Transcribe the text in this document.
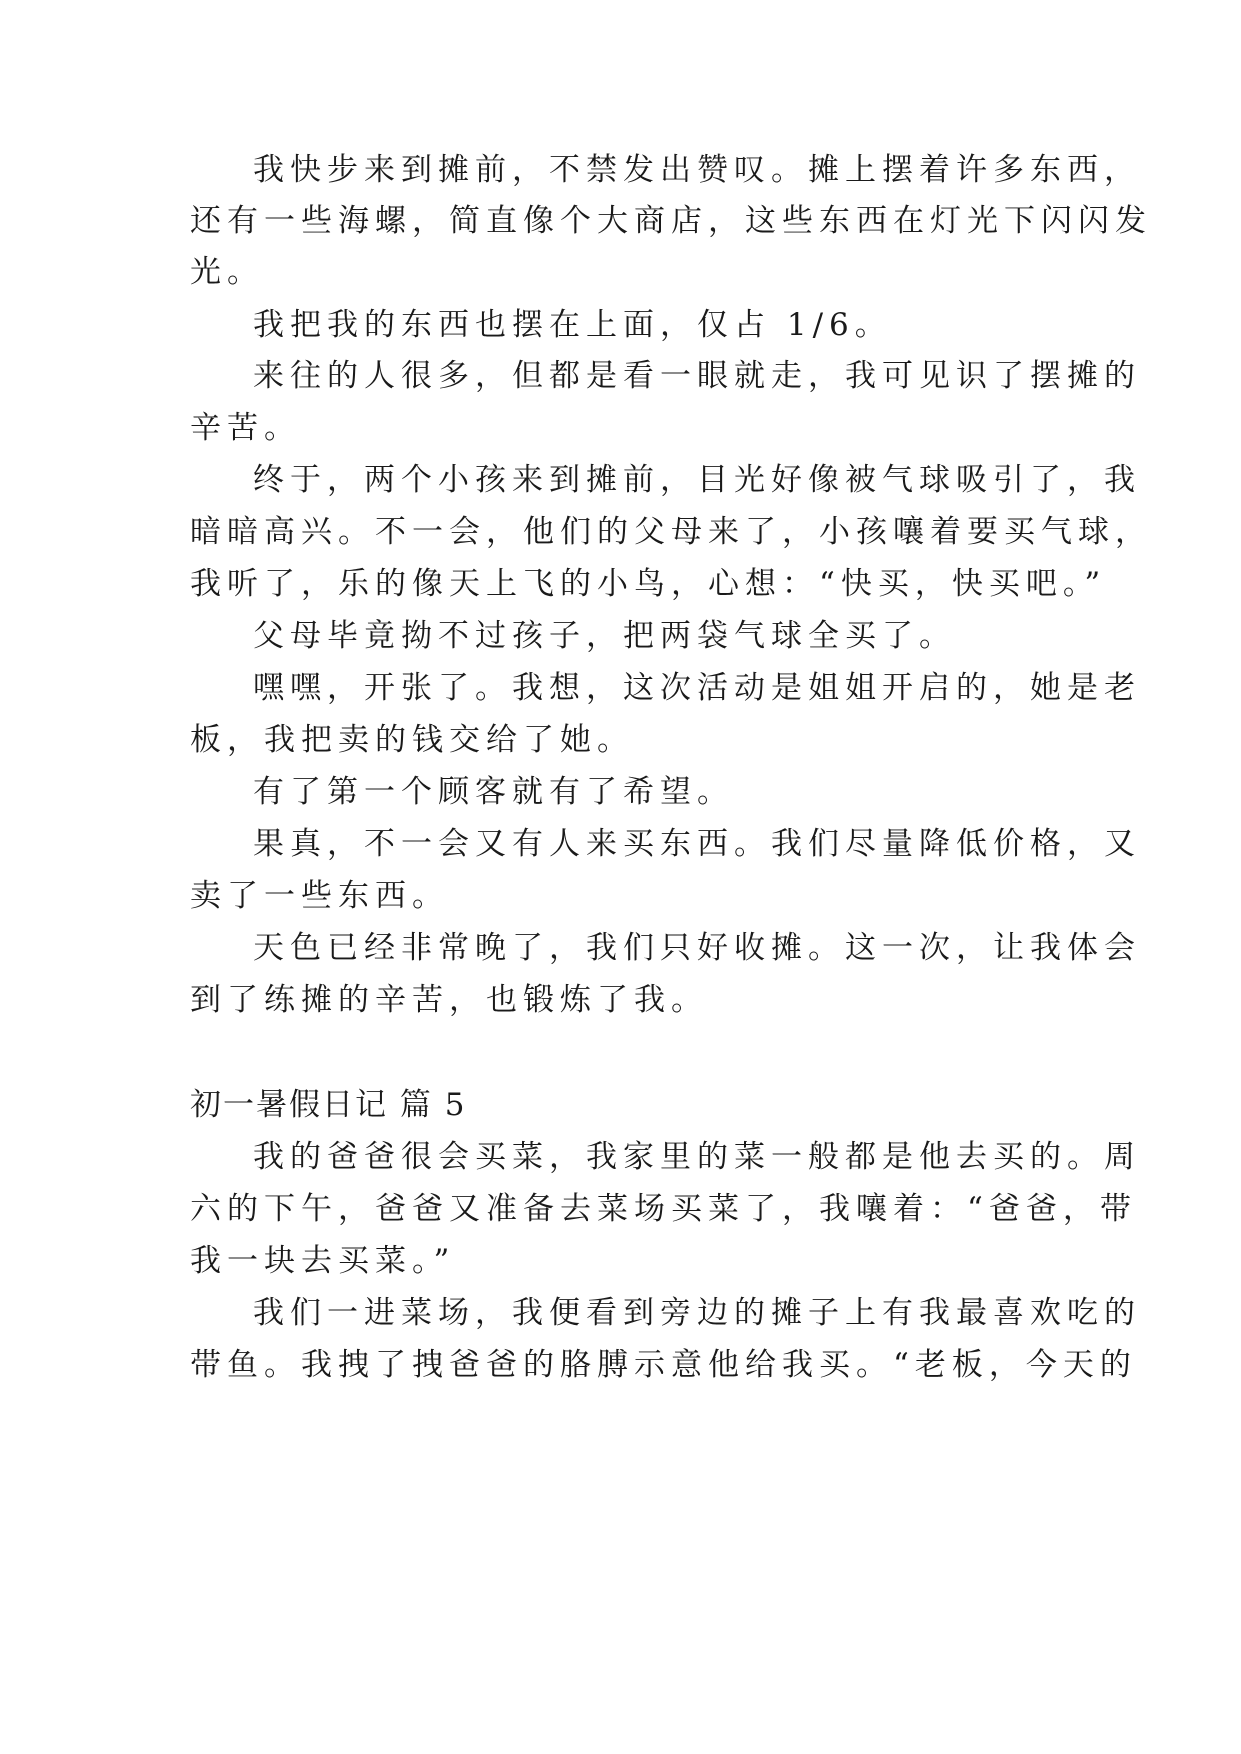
我快步来到摊前，不禁发出赞叹。摊上摆着许多东西，
还有一些海螺，简直像个大商店，这些东西在灯光下闪闪发
光。
我把我的东西也摆在上面，仅占 1/6。
来往的人很多，但都是看一眼就走，我可见识了摆摊的
辛苦。
终于，两个小孩来到摊前，目光好像被气球吸引了，我
暗暗高兴。不一会，他们的父母来了，小孩嚷着要买气球，
我听了，乐的像天上飞的小鸟，心想：“快买，快买吧。”
父母毕竟拗不过孩子，把两袋气球全买了。
嘿嘿，开张了。我想，这次活动是姐姐开启的，她是老
板，我把卖的钱交给了她。
有了第一个顾客就有了希望。
果真，不一会又有人来买东西。我们尽量降低价格，又
卖了一些东西。
天色已经非常晚了，我们只好收摊。这一次，让我体会
到了练摊的辛苦，也锻炼了我。
初一暑假日记 篇 5
我的爸爸很会买菜，我家里的菜一般都是他去买的。周
六的下午，爸爸又准备去菜场买菜了，我嚷着：“爸爸，带
我一块去买菜。”
我们一进菜场，我便看到旁边的摊子上有我最喜欢吃的
带鱼。我拽了拽爸爸的胳膊示意他给我买。“老板，今天的
